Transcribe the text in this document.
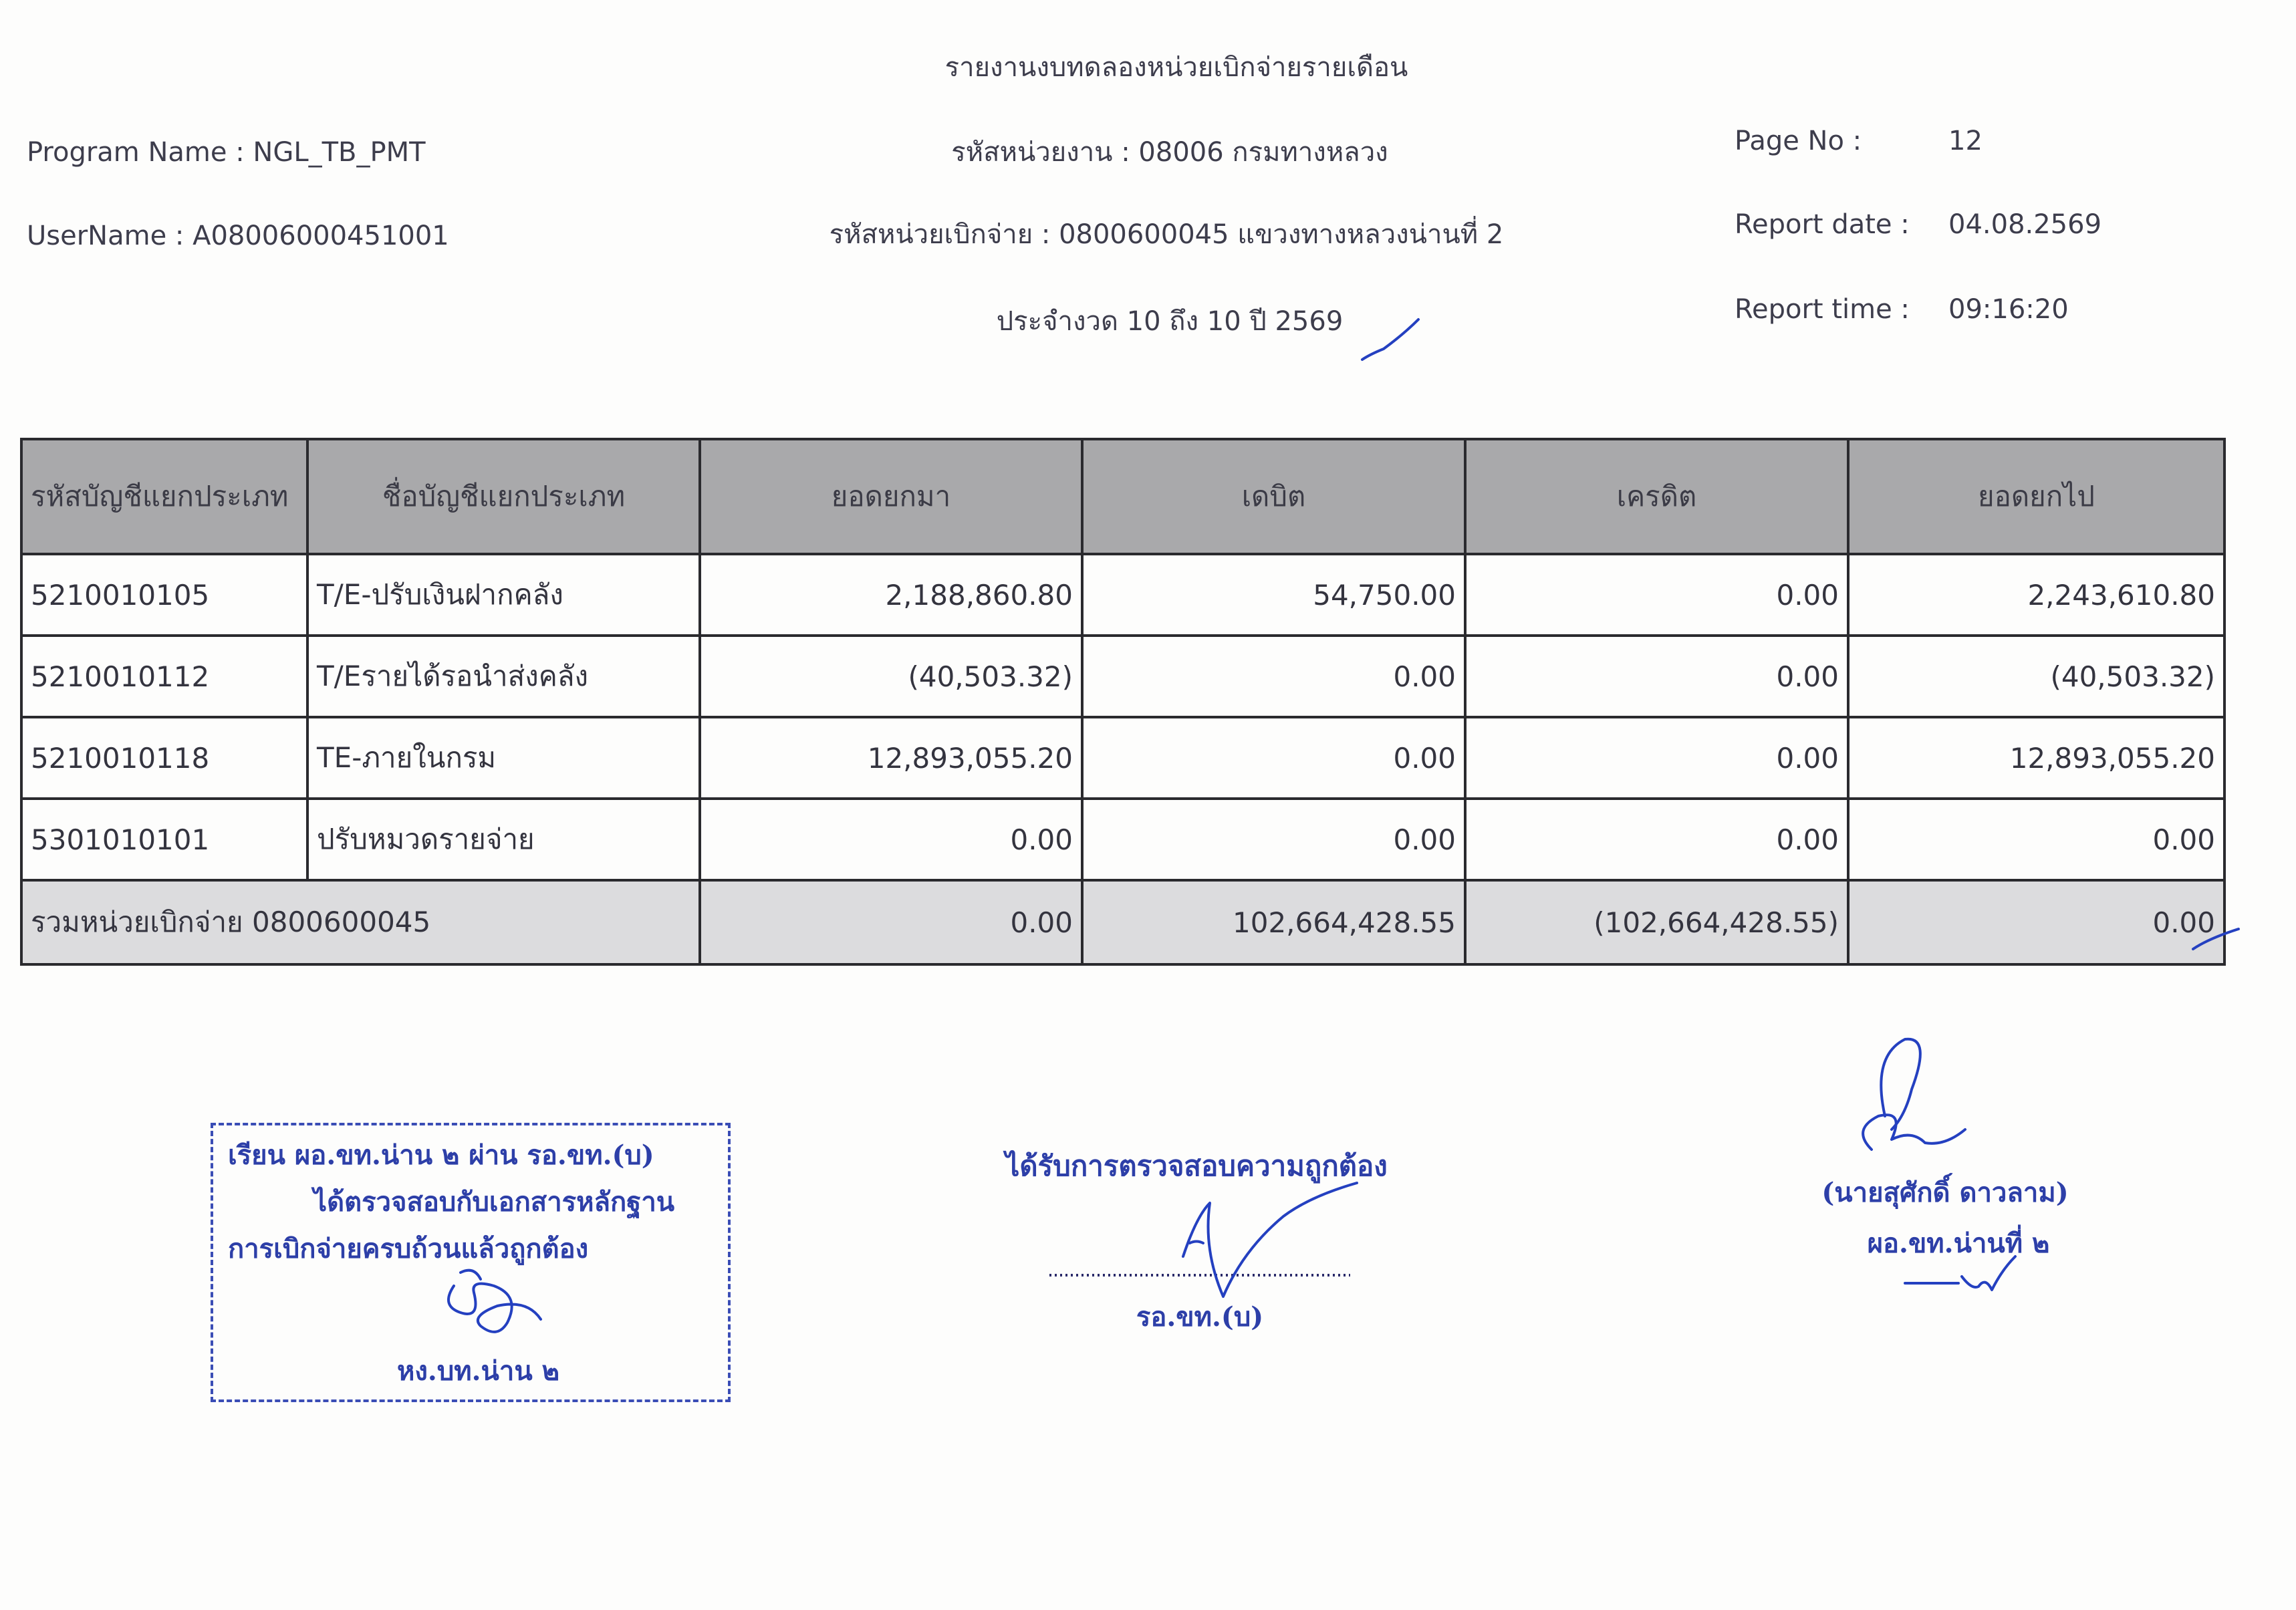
รายงานงบทดลองหน่วยเบิกจ่ายรายเดือน
รหัสหน่วยงาน : 08006 กรมทางหลวง
รหัสหน่วยเบิกจ่าย : 0800600045 แขวงทางหลวงน่านที่ 2
ประจำงวด 10 ถึง 10 ปี 2569
Program Name : NGL_TB_PMT
UserName : A08006000451001
Page No :	12
Report date : 04.08.2569
Report time : 09:16:20
รหัสบัญชีแยกประเภท	ชื่อบัญชีแยกประเภท	ยอดยกมา	เดบิต	เครดิต	ยอดยกไป
5210010105	T/E-ปรับเงินฝากคลัง	2,188,860.80	54,750.00	0.00	2,243,610.80
5210010112	T/Eรายได้รอนำส่งคลัง	(40,503.32)	0.00	0.00	(40,503.32)
5210010118	TE-ภายในกรม	12,893,055.20	0.00	0.00	12,893,055.20
5301010101	ปรับหมวดรายจ่าย	0.00	0.00	0.00	0.00
รวมหน่วยเบิกจ่าย 0800600045		0.00	102,664,428.55	(102,664,428.55)	0.00
เรียน ผอ.ขท.น่าน ๒ ผ่าน รอ.ขท.(บ)
ได้ตรวจสอบกับเอกสารหลักฐาน
การเบิกจ่ายครบถ้วนแล้วถูกต้อง
หง.บท.น่าน ๒
ได้รับการตรวจสอบความถูกต้อง
รอ.ขท.(บ)
(นายสุศักดิ์ ดาวลาม)
ผอ.ขท.น่านที่ ๒
